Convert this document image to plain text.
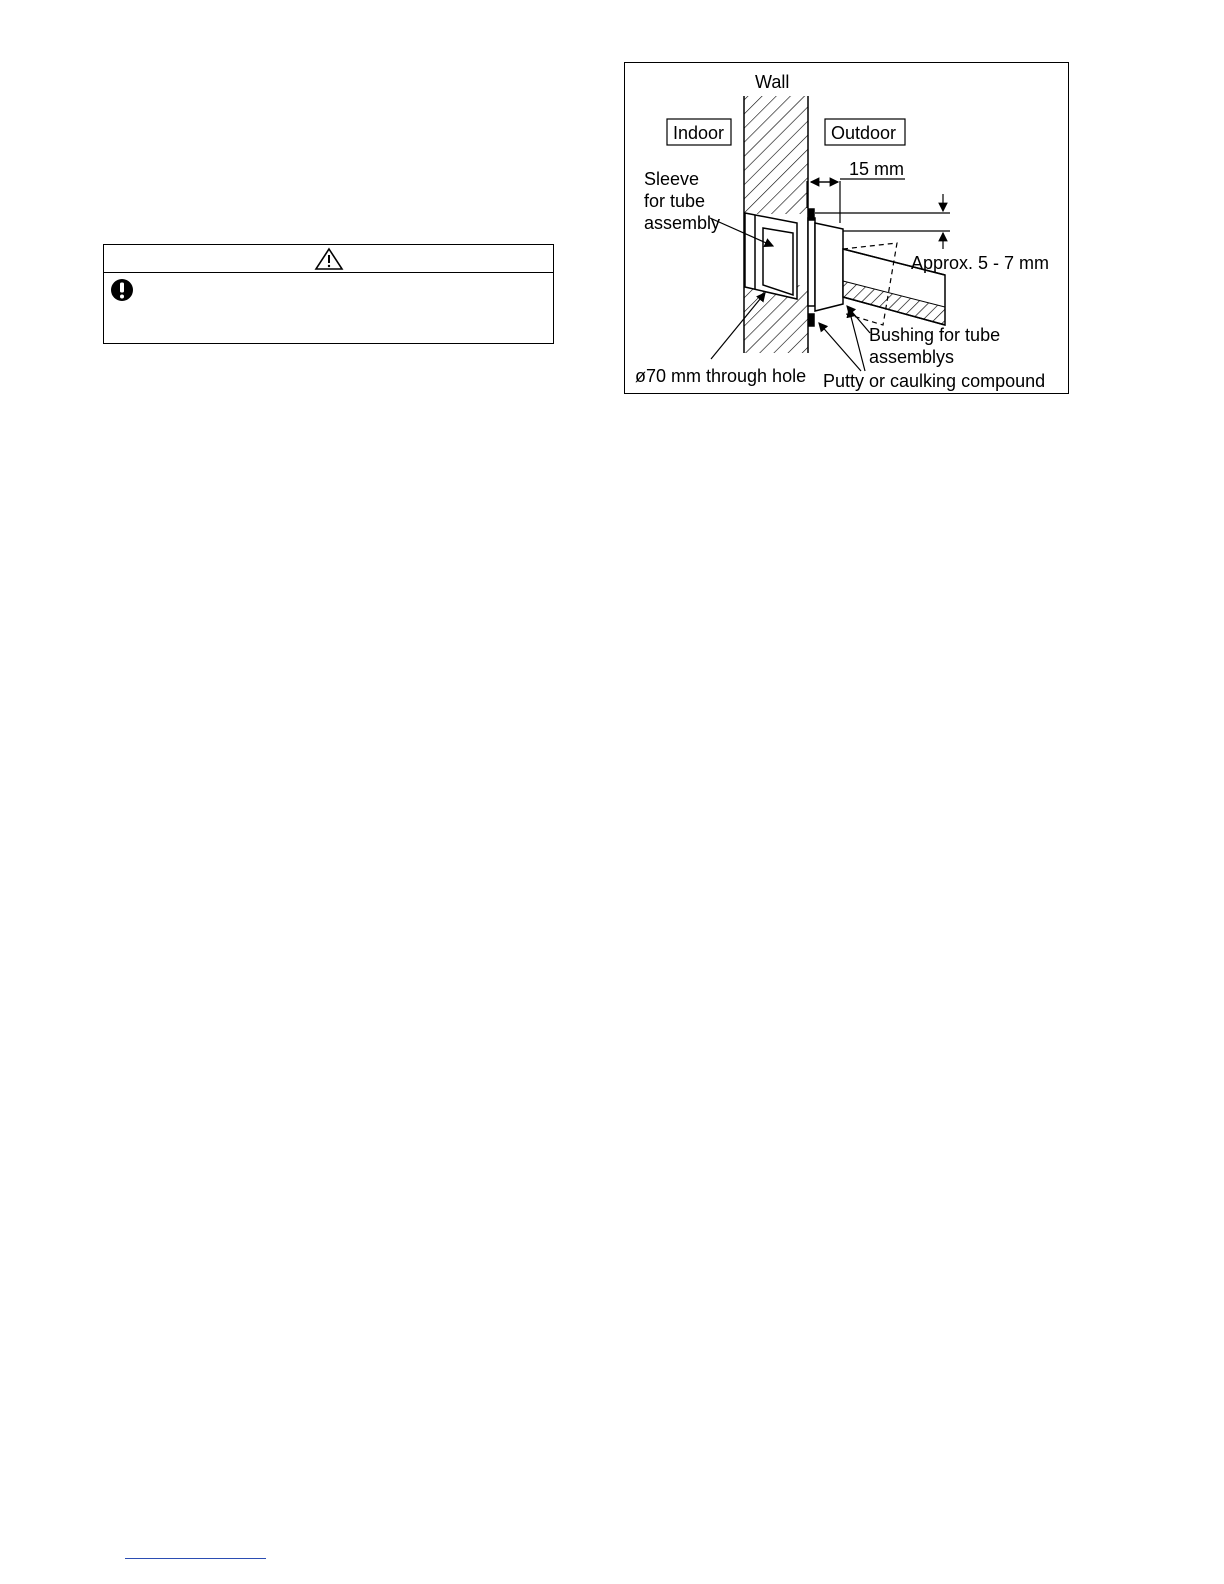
Wall
Indoor	Outdoor
15 mm
Sleeve
for tube
assembly
Approx. 5 - 7 mm
Bushing for tube
assemblys
ø70 mm through hole Putty or caulking compound
